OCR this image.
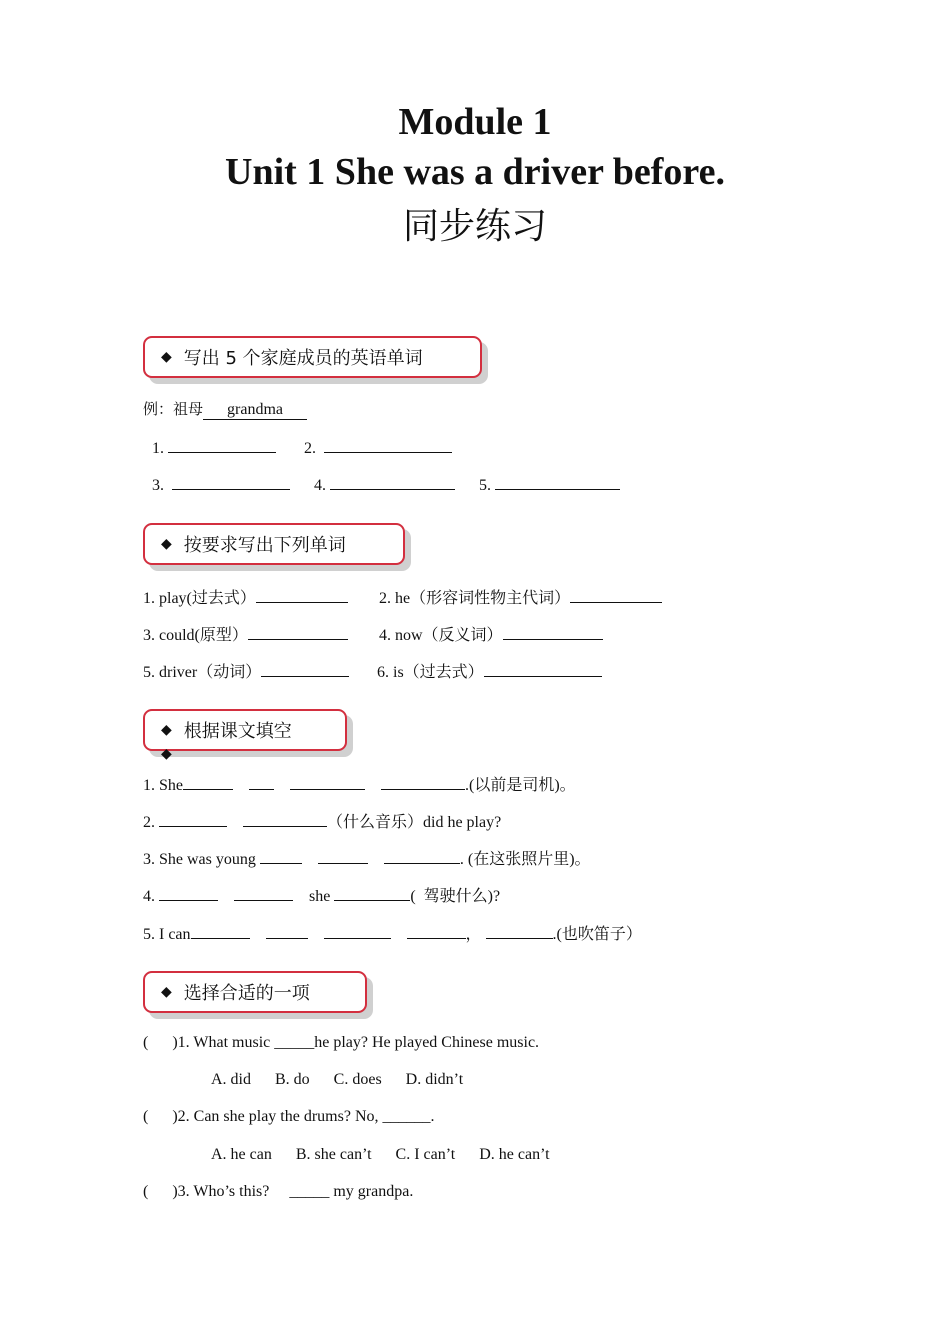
Module 1
Unit 1 She was a driver before.
同步练习
◆ 写出 5 个家庭成员的英语单词
例：祖母 grandma
1.	2.
3.	4.	5.
◆ 按要求写出下列单词
1. play(过去式）	2. he（形容词性物主代词）
3. could(原型）	4. now（反义词）
5. driver（动词）	6. is（过去式）
◆ 根据课文填空
◆
1. She	.(以前是司机)。
2.	（什么音乐）did he play?
3. She was young	. (在这张照片里)。
4.	she	(  驾驶什么)?
5. I can	，	.(也吹笛子）
◆ 选择合适的一项
(      )1. What music _____he play? He played Chinese music.
A. did      B. do      C. does      D. didn’t
(      )2. Can she play the drums? No, ______.
A. he can      B. she can’t      C. I can’t      D. he can’t
(      )3. Who’s this?     _____ my grandpa.
